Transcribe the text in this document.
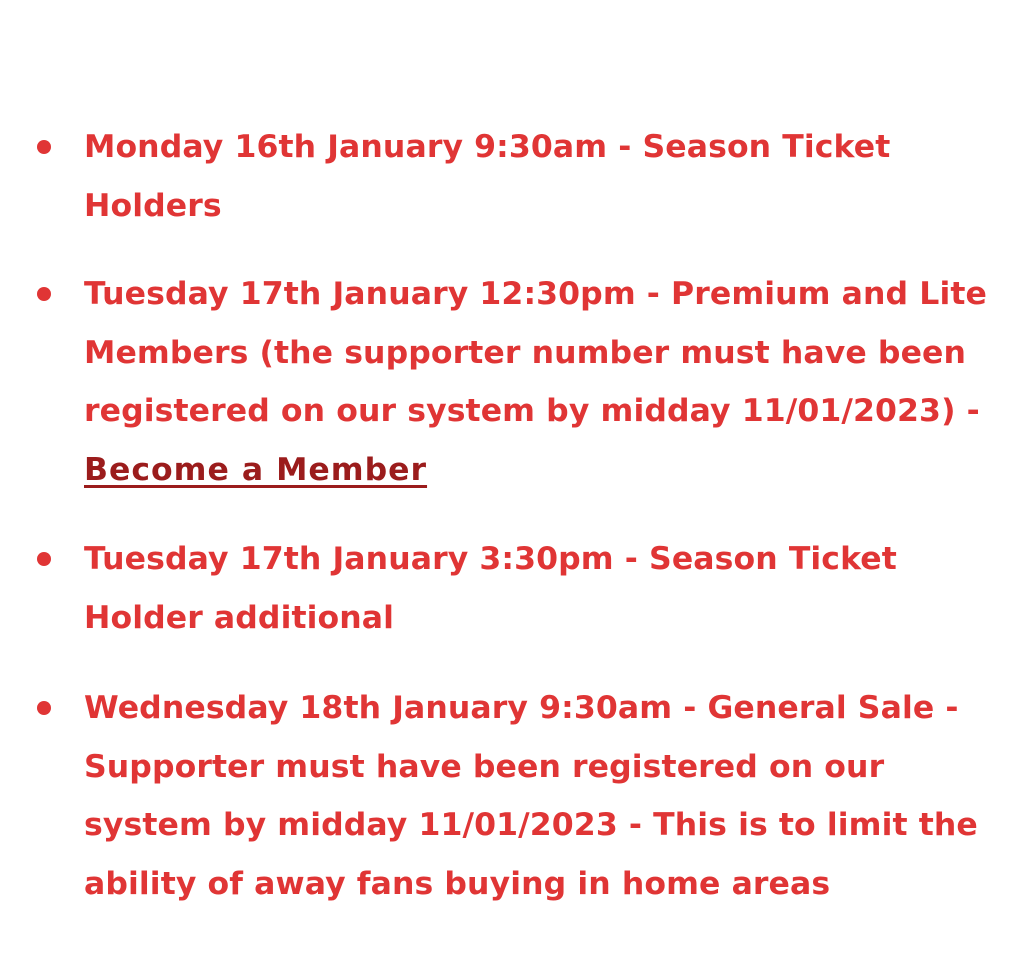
Monday 16th January 9:30am - Season Ticket Holders
Tuesday 17th January 12:30pm - Premium and Lite Members (the supporter number must have been registered on our system by midday 11/01/2023) - Become a Member
Tuesday 17th January 3:30pm - Season Ticket Holder additional
Wednesday 18th January 9:30am - General Sale - Supporter must have been registered on our system by midday 11/01/2023 - This is to limit the ability of away fans buying in home areas
